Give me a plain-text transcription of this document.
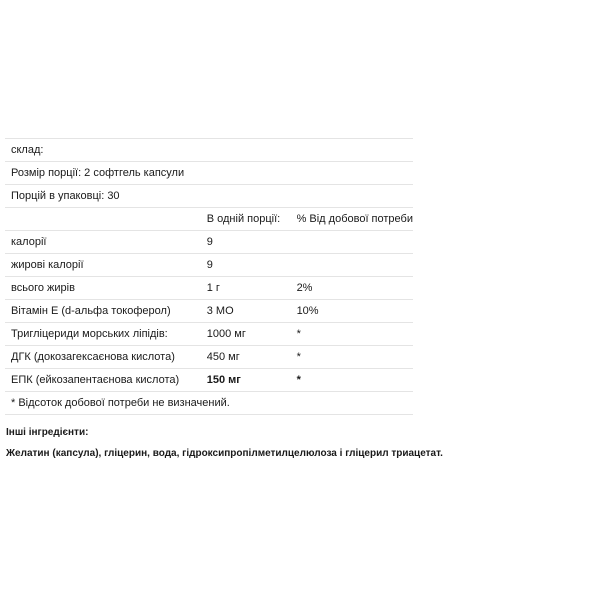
склад:		
Розмір порції: 2 софтгель капсули		
Порцій в упаковці: 30		
	В одній порції:	% Від добової потреби
калорії	9	
жирові калорії	9	
всього жирів	1 г	2%
Вітамін Е (d-альфа токоферол)	3 МО	10%
Тригліцериди морських ліпідів:	1000 мг	*
ДГК (докозагексаєнова кислота)	450 мг	*
ЕПК (ейкозапентаєнова кислота)	150 мг	*
* Відсоток добової потреби не визначений.		
Інші інгредієнти:
Желатин (капсула), гліцерин, вода, гідроксипропілметилцелюлоза і гліцерил триацетат.
